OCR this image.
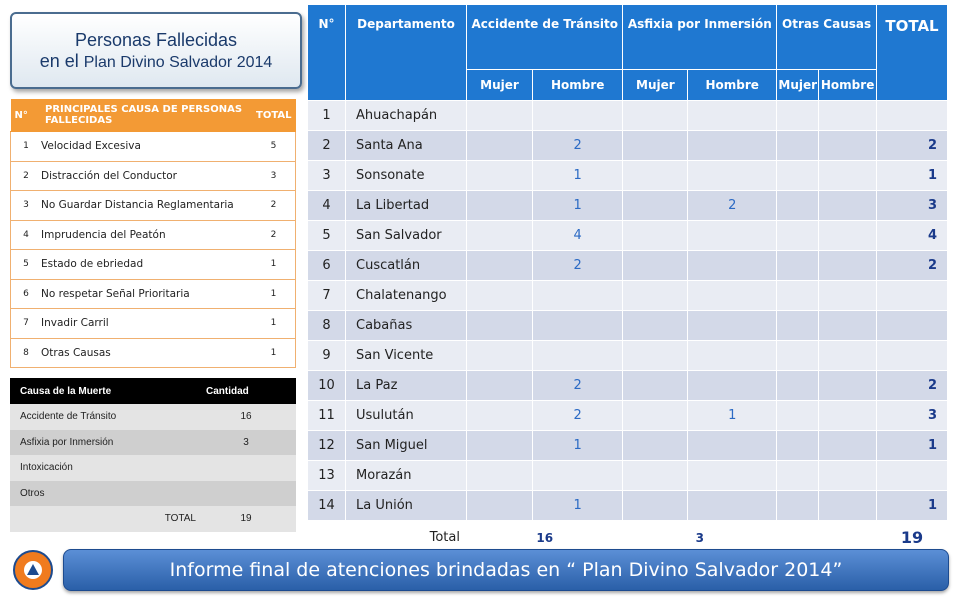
Personas Fallecidas
en el Plan Divino Salvador 2014
N°	PRINCIPALES CAUSA DE PERSONAS FALLECIDAS	TOTAL
1	Velocidad Excesiva	5
2	Distracción del Conductor	3
3	No Guardar Distancia Reglamentaria	2
4	Imprudencia del Peatón	2
5	Estado de ebriedad	1
6	No respetar Señal Prioritaria	1
7	Invadir Carril	1
8	Otras Causas	1
Causa de la Muerte	Cantidad
Accidente de Tránsito	16
Asfixia por Inmersión	3
Intoxicación	
Otros	
TOTAL	19
N°	Departamento	Accidente de Tránsito		Asfixia por Inmersión		Otras Causas		TOTAL
		Mujer	Hombre	Mujer	Hombre	Mujer	Hombre	
1	Ahuachapán							
2	Santa Ana		2					2
3	Sonsonate		1					1
4	La Libertad		1		2			3
5	San Salvador		4					4
6	Cuscatlán		2					2
7	Chalatenango							
8	Cabañas							
9	San Vicente							
10	La Paz		2					2
11	Usulután		2		1			3
12	San Miguel		1					1
13	Morazán							
14	La Unión		1					1
Total		16		3				19
Informe final de atenciones brindadas en “ Plan Divino Salvador 2014”
